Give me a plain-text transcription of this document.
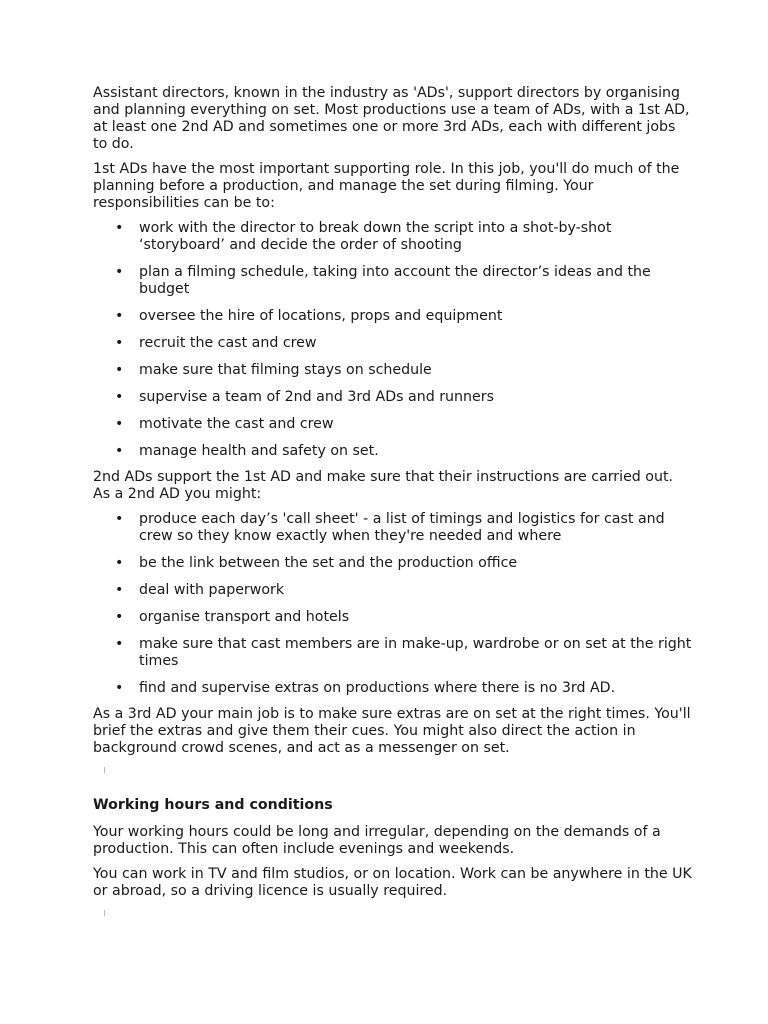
Assistant directors, known in the industry as 'ADs', support directors by organising and planning everything on set. Most productions use a team of ADs, with a 1st AD, at least one 2nd AD and sometimes one or more 3rd ADs, each with different jobs to do.

1st ADs have the most important supporting role. In this job, you'll do much of the planning before a production, and manage the set during filming. Your responsibilities can be to:

• work with the director to break down the script into a shot-by-shot ‘storyboard’ and decide the order of shooting
• plan a filming schedule, taking into account the director’s ideas and the budget
• oversee the hire of locations, props and equipment
• recruit the cast and crew
• make sure that filming stays on schedule
• supervise a team of 2nd and 3rd ADs and runners
• motivate the cast and crew
• manage health and safety on set.

2nd ADs support the 1st AD and make sure that their instructions are carried out. As a 2nd AD you might:

• produce each day’s 'call sheet' - a list of timings and logistics for cast and crew so they know exactly when they're needed and where
• be the link between the set and the production office
• deal with paperwork
• organise transport and hotels
• make sure that cast members are in make-up, wardrobe or on set at the right times
• find and supervise extras on productions where there is no 3rd AD.

As a 3rd AD your main job is to make sure extras are on set at the right times. You'll brief the extras and give them their cues. You might also direct the action in background crowd scenes, and act as a messenger on set.

Working hours and conditions

Your working hours could be long and irregular, depending on the demands of a production. This can often include evenings and weekends.

You can work in TV and film studios, or on location. Work can be anywhere in the UK or abroad, so a driving licence is usually required.
